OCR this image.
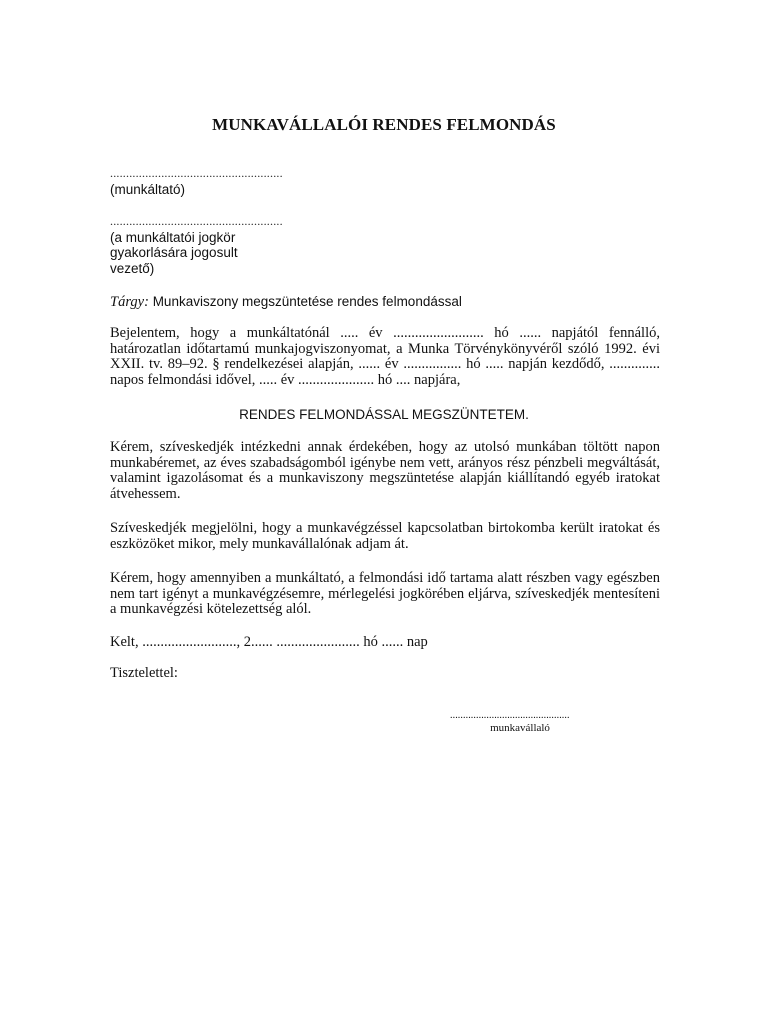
MUNKAVÁLLALÓI RENDES FELMONDÁS
......................................................
(munkáltató)
......................................................
(a munkáltatói jogkör
gyakorlására jogosult
vezető)
Tárgy: Munkaviszony megszüntetése rendes felmondással
Bejelentem, hogy a munkáltatónál ..... év ......................... hó ...... napjától fennálló, határozatlan időtartamú munkajogviszonyomat, a Munka Törvénykönyvéről szóló 1992. évi XXII. tv. 89–92. § rendelkezései alapján, ...... év ................ hó ..... napján kezdődő, .............. napos felmondási idővel, ..... év ..................... hó .... napjára,
RENDES FELMONDÁSSAL MEGSZÜNTETEM.
Kérem, szíveskedjék intézkedni annak érdekében, hogy az utolsó munkában töltött napon munkabéremet, az éves szabadságomból igénybe nem vett, arányos rész pénzbeli megváltását, valamint igazolásomat és a munkaviszony megszüntetése alapján kiállítandó egyéb iratokat átvehessem.
Szíveskedjék megjelölni, hogy a munkavégzéssel kapcsolatban birtokomba került iratokat és eszközöket mikor, mely munkavállalónak adjam át.
Kérem, hogy amennyiben a munkáltató, a felmondási idő tartama alatt részben vagy egészben nem tart igényt a munkavégzésemre, mérlegelési jogkörében eljárva, szíveskedjék mentesíteni a munkavégzési kötelezettség alól.
Kelt, .........................., 2...... ....................... hó ...... nap
Tisztelettel:
..............................................
munkavállaló
